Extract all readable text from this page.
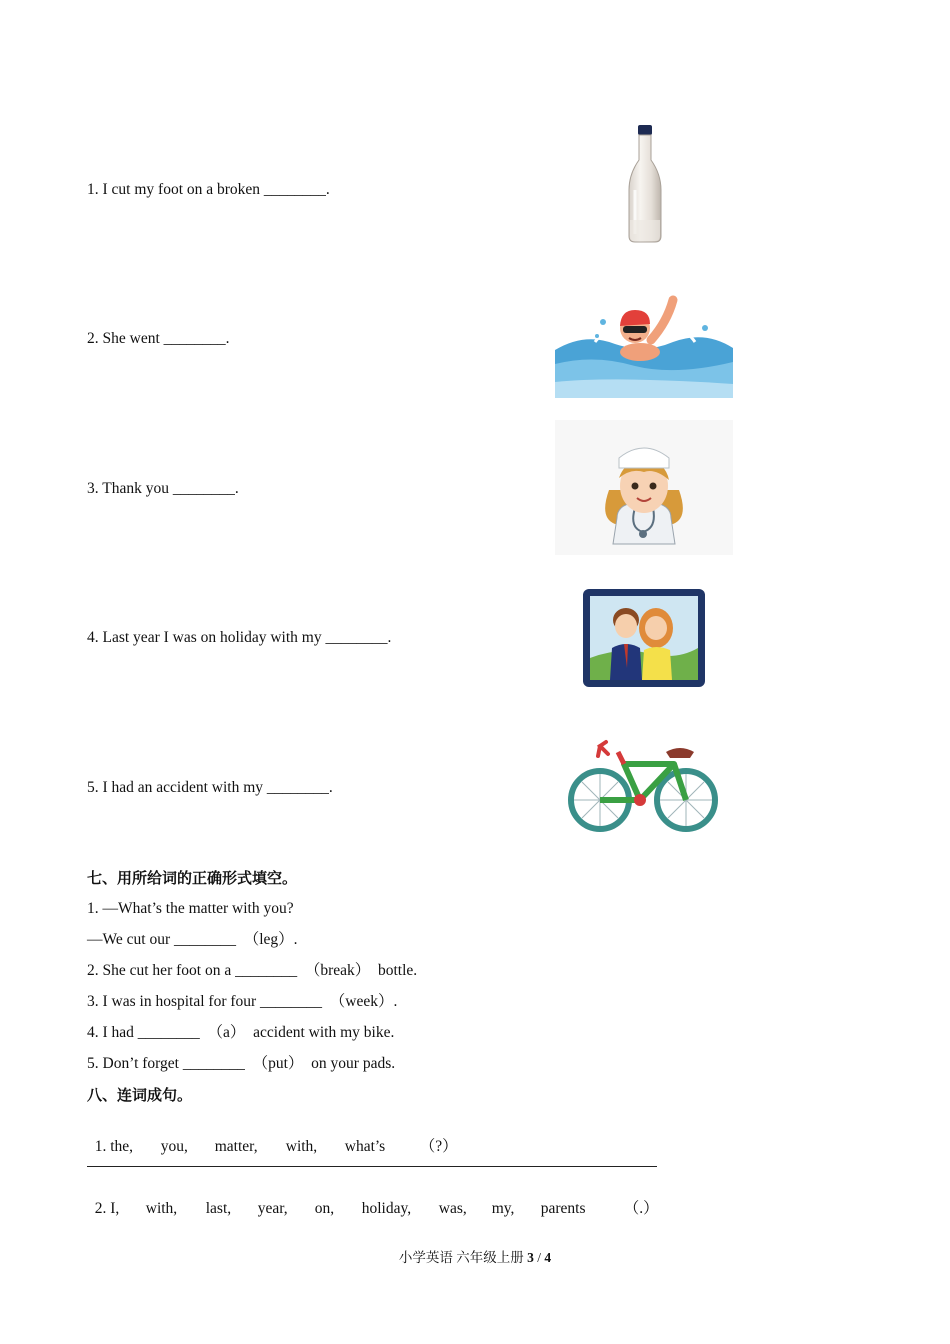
1. I cut my foot on a broken ________.
2. She went ________.
3. Thank you ________.
4. Last year I was on holiday with my ________.
5. I had an accident with my ________.
七、用所给词的正确形式填空。
1. —What’s the matter with you?
—We cut our ________  （leg）.
2. She cut her foot on a ________  （break）  bottle.
3. I was in hospital for four ________  （week）.
4. I had ________  （a）  accident with my bike.
5. Don’t forget ________  （put）  on your pads.
八、连词成句。

1. the, you, matter, with, what’s （?）

2. I, with, last, year, on, holiday, was, my, parents （.）

小学英语 六年级上册 3 / 4
